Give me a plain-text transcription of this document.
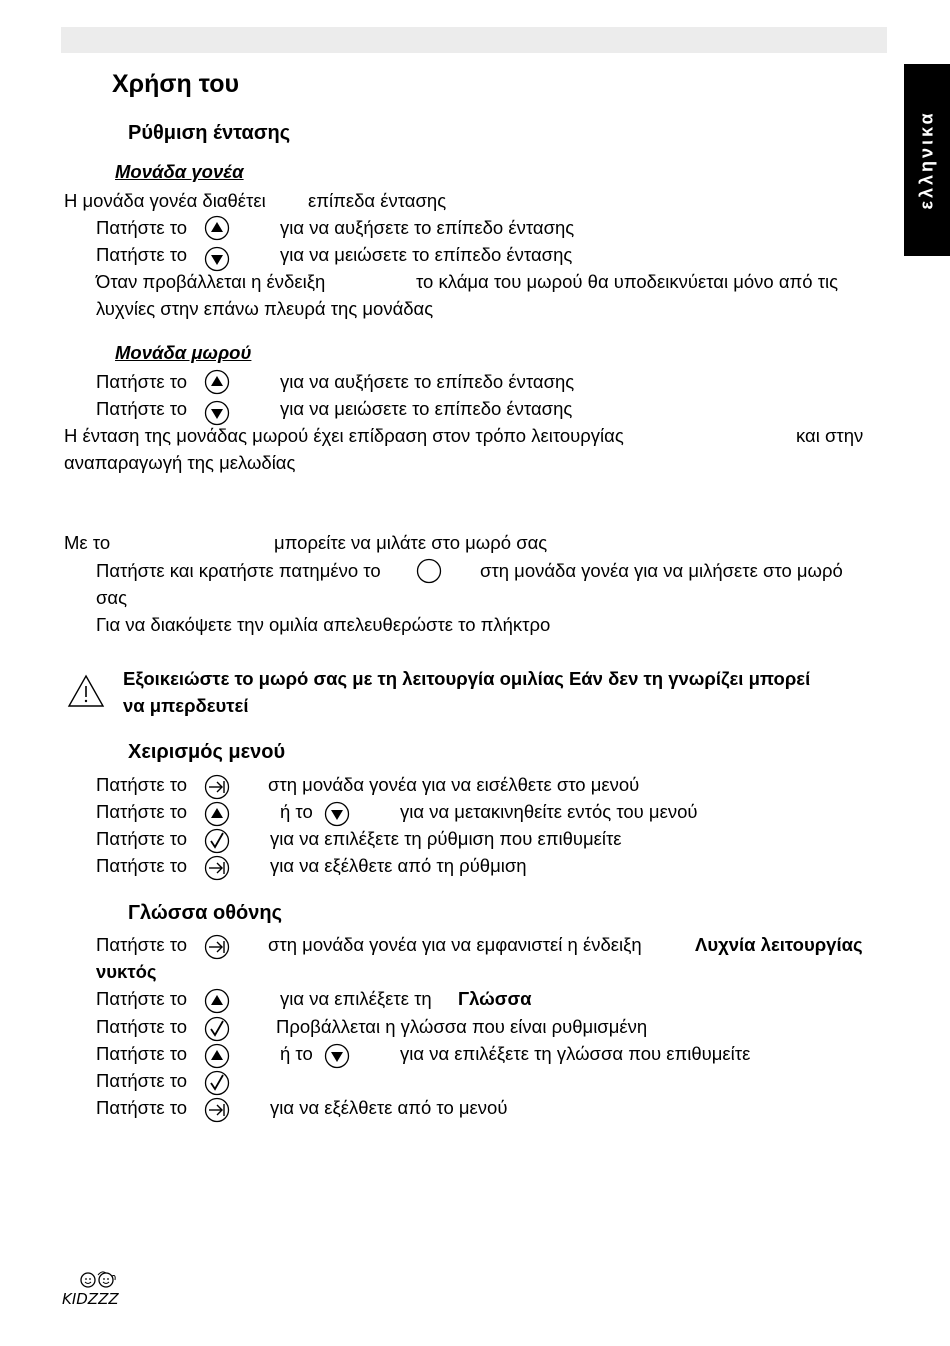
ελληνικα
Χρήση του
Ρύθμιση έντασης
Μονάδα γονέα
Η μονάδα γονέα διαθέτει επίπεδα έντασης
Πατήστε το	για να αυξήσετε το επίπεδο έντασης
Πατήστε το	για να μειώσετε το επίπεδο έντασης
Όταν προβάλλεται η ένδειξη	το κλάμα του μωρού θα υποδεικνύεται μόνο από τις
λυχνίες στην επάνω πλευρά της μονάδας
Μονάδα μωρού
Πατήστε το	για να αυξήσετε το επίπεδο έντασης
Πατήστε το	για να μειώσετε το επίπεδο έντασης
Η ένταση της μονάδας μωρού έχει επίδραση στον τρόπο λειτουργίας	και στην
αναπαραγωγή της μελωδίας
Με το	μπορείτε να μιλάτε στο μωρό σας
Πατήστε και κρατήστε πατημένο το	στη μονάδα γονέα για να μιλήσετε στο μωρό
σας
Για να διακόψετε την ομιλία απελευθερώστε το πλήκτρο
Εξοικειώστε το μωρό σας με τη λειτουργία ομιλίας Εάν δεν τη γνωρίζει μπορεί
να μπερδευτεί
Χειρισμός μενού
Πατήστε το	στη μονάδα γονέα για να εισέλθετε στο μενού
Πατήστε το	ή το	για να μετακινηθείτε εντός του μενού
Πατήστε το	για να επιλέξετε τη ρύθμιση που επιθυμείτε
Πατήστε το	για να εξέλθετε από τη ρύθμιση
Γλώσσα οθόνης
Πατήστε το	στη μονάδα γονέα για να εμφανιστεί η ένδειξη	Λυχνία λειτουργίας
νυκτός
Πατήστε το	για να επιλέξετε τη Γλώσσα
Πατήστε το	Προβάλλεται η γλώσσα που είναι ρυθμισμένη
Πατήστε το	ή το	για να επιλέξετε τη γλώσσα που επιθυμείτε
Πατήστε το
Πατήστε το	για να εξέλθετε από το μενού
KIDZZZ
